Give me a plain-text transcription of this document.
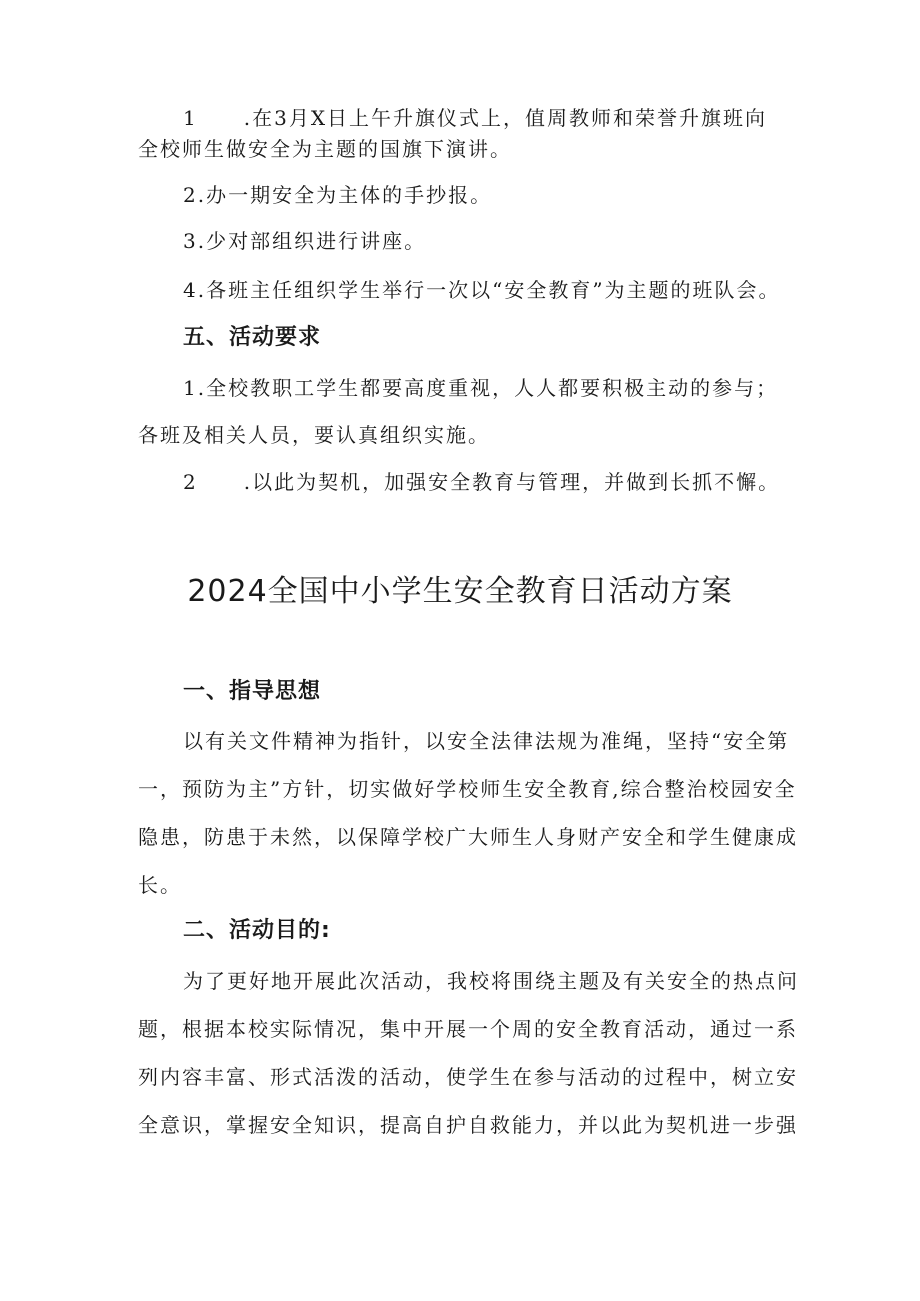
1 .在3月X日上午升旗仪式上，值周教师和荣誉升旗班向
全校师生做安全为主题的国旗下演讲。
2.办一期安全为主体的手抄报。
3.少对部组织进行讲座。
4.各班主任组织学生举行一次以“安全教育”为主题的班队会。
五、活动要求
1.全校教职工学生都要高度重视，人人都要积极主动的参与；
各班及相关人员，要认真组织实施。
2 .以此为契机，加强安全教育与管理，并做到长抓不懈。
2024全国中小学生安全教育日活动方案
一、指导思想
以有关文件精神为指针，以安全法律法规为准绳，坚持“安全第
一，预防为主”方针，切实做好学校师生安全教育,综合整治校园安全
隐患，防患于未然，以保障学校广大师生人身财产安全和学生健康成
长。
二、活动目的:
为了更好地开展此次活动，我校将围绕主题及有关安全的热点问
题，根据本校实际情况，集中开展一个周的安全教育活动，通过一系
列内容丰富、形式活泼的活动，使学生在参与活动的过程中，树立安
全意识，掌握安全知识，提高自护自救能力，并以此为契机进一步强
